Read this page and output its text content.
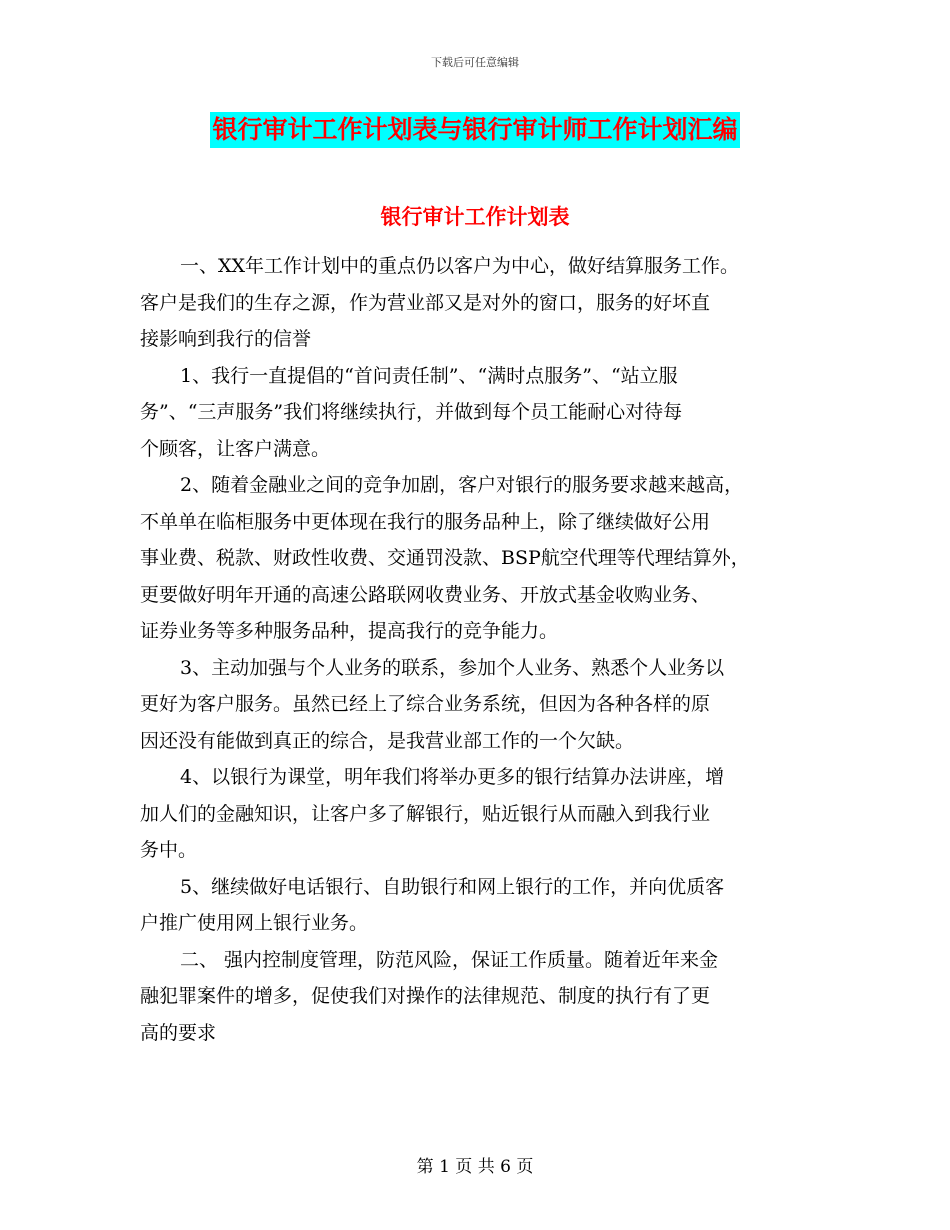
下载后可任意编辑
银行审计工作计划表与银行审计师工作计划汇编
银行审计工作计划表
一、XX年工作计划中的重点仍以客户为中心，做好结算服务工作。
客户是我们的生存之源，作为营业部又是对外的窗口，服务的好坏直
接影响到我行的信誉
1、我行一直提倡的“首问责任制”、“满时点服务”、“站立服
务”、“三声服务”我们将继续执行，并做到每个员工能耐心对待每
个顾客，让客户满意。
2、随着金融业之间的竞争加剧，客户对银行的服务要求越来越高，
不单单在临柜服务中更体现在我行的服务品种上，除了继续做好公用
事业费、税款、财政性收费、交通罚没款、BSP航空代理等代理结算外，
更要做好明年开通的高速公路联网收费业务、开放式基金收购业务、
证券业务等多种服务品种，提高我行的竞争能力。
3、主动加强与个人业务的联系，参加个人业务、熟悉个人业务以
更好为客户服务。虽然已经上了综合业务系统，但因为各种各样的原
因还没有能做到真正的综合，是我营业部工作的一个欠缺。
4、以银行为课堂，明年我们将举办更多的银行结算办法讲座，增
加人们的金融知识，让客户多了解银行，贴近银行从而融入到我行业
务中。
5、继续做好电话银行、自助银行和网上银行的工作，并向优质客
户推广使用网上银行业务。
二、 强内控制度管理，防范风险，保证工作质量。随着近年来金
融犯罪案件的增多，促使我们对操作的法律规范、制度的执行有了更
高的要求
第 1 页 共 6 页
